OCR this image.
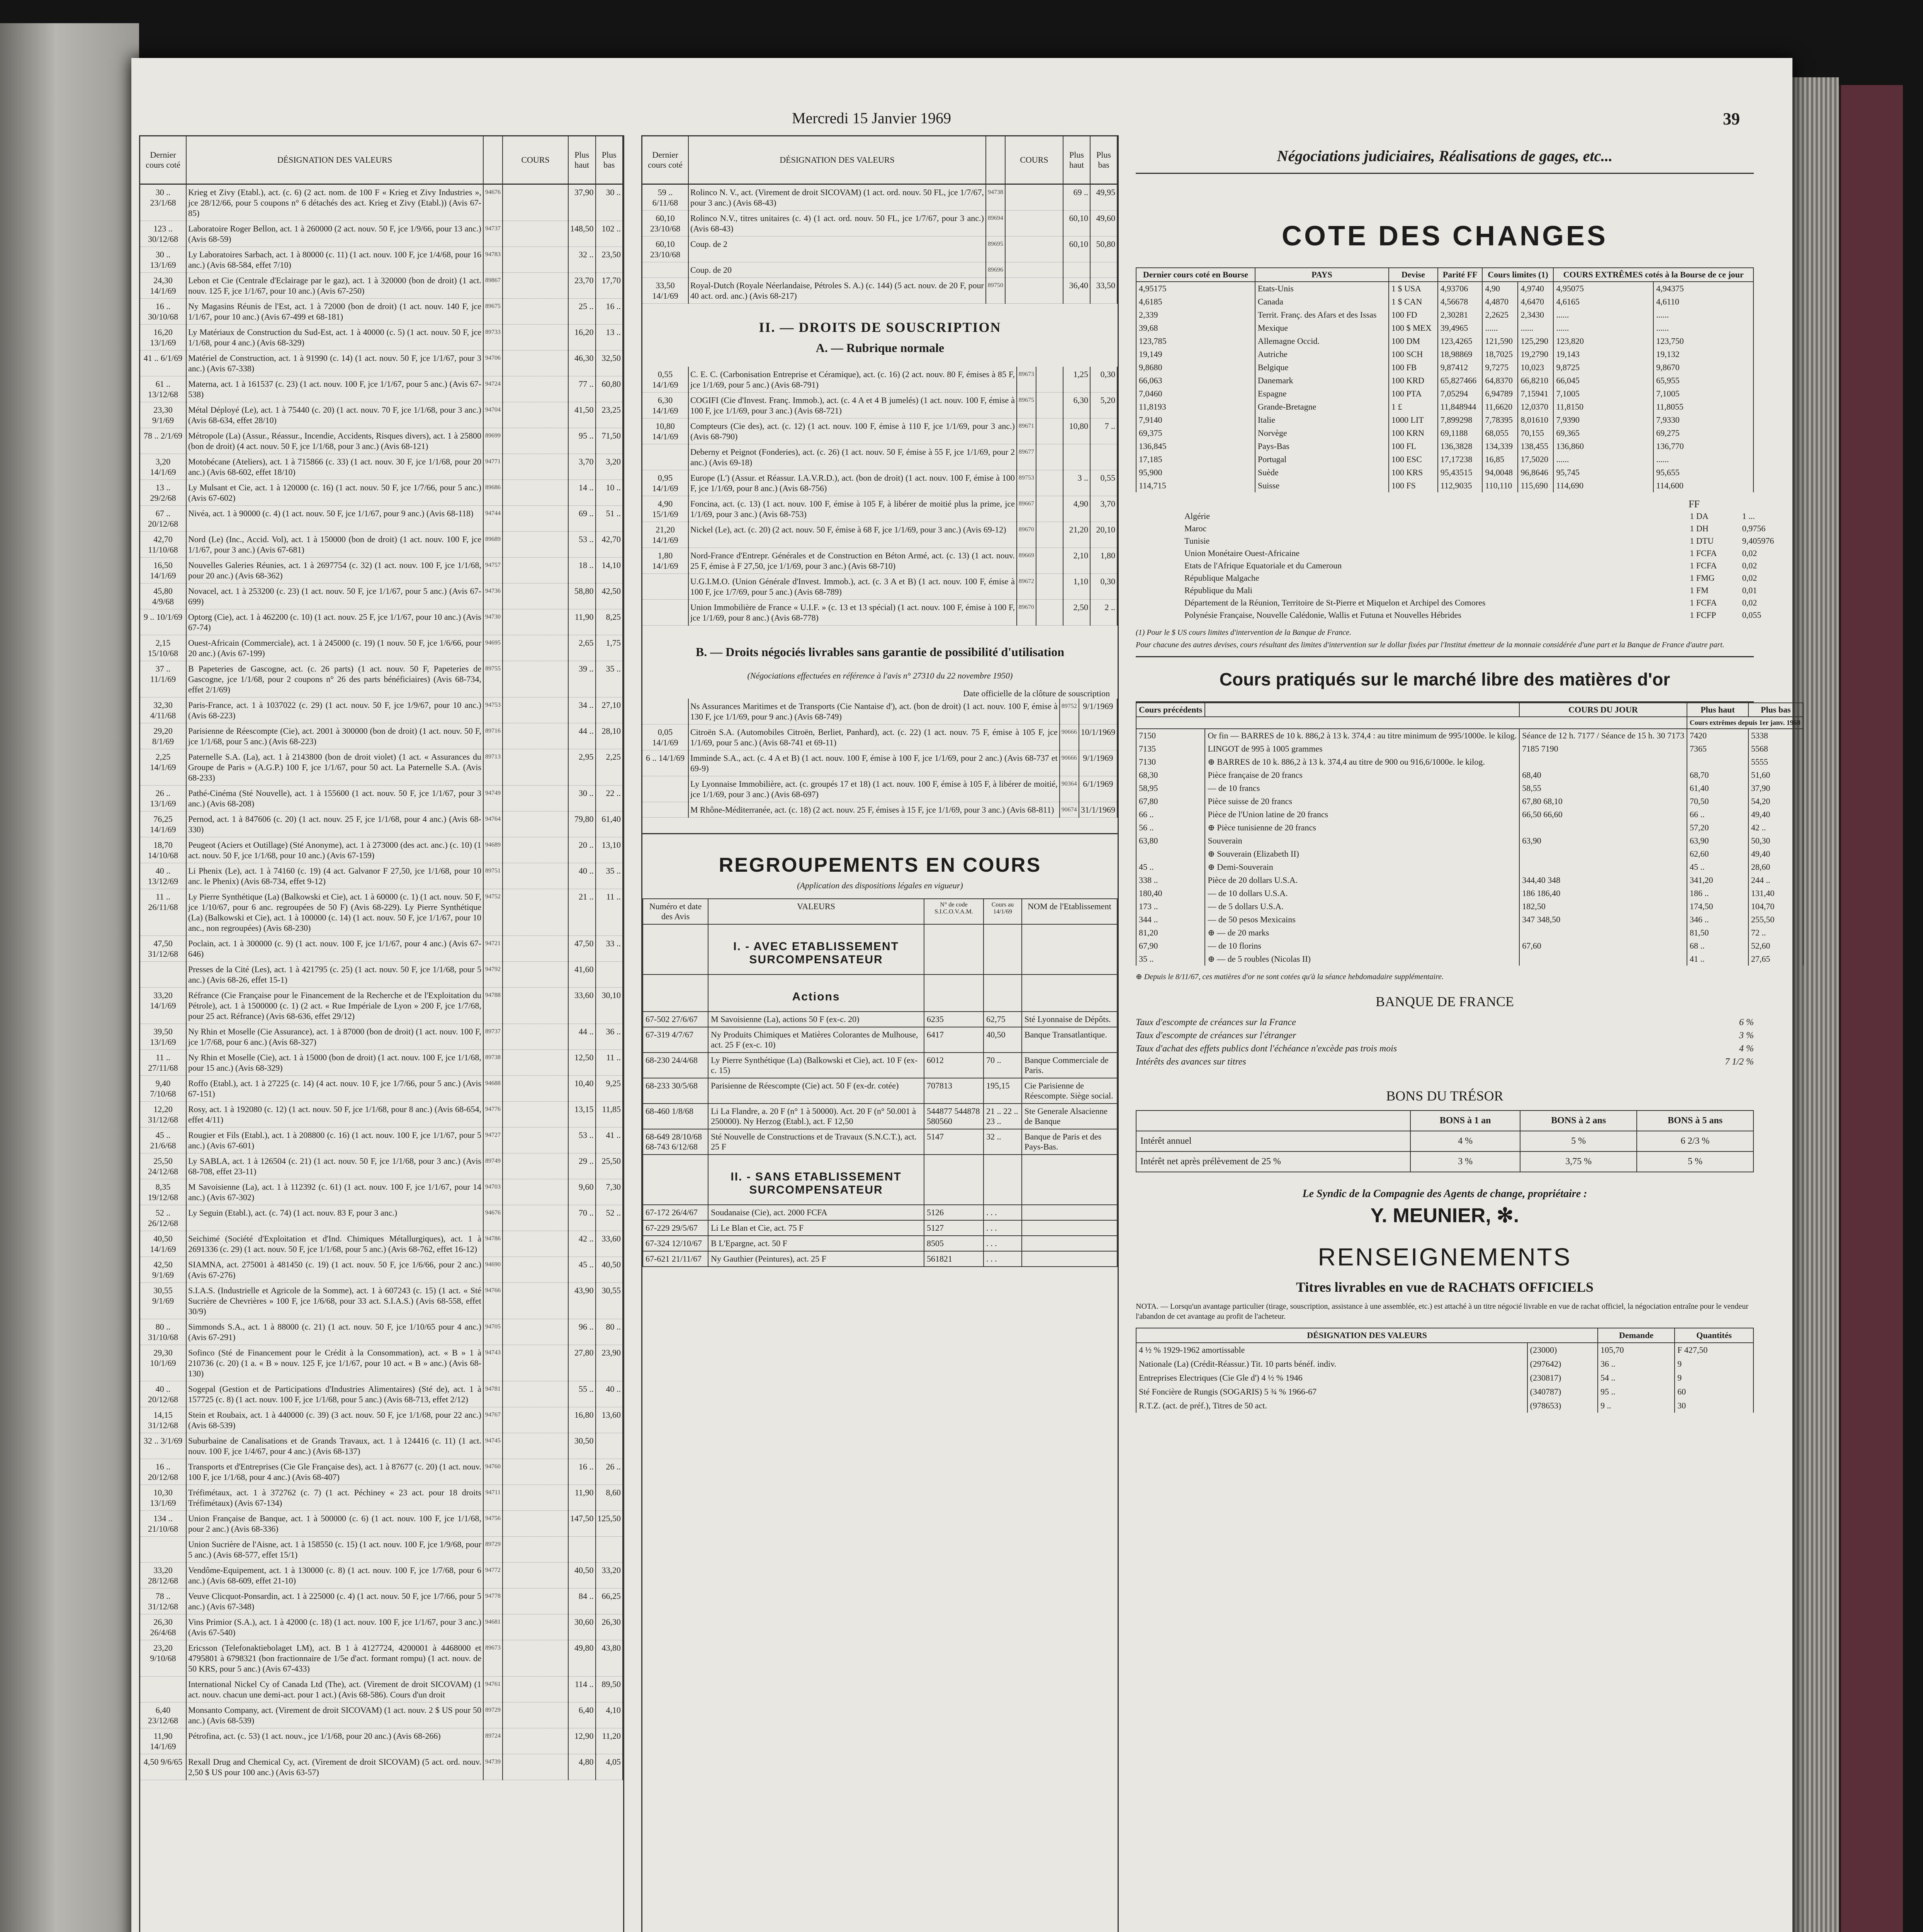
Mercredi 15 Janvier 1969	39
Dernier cours coté	DÉSIGNATION DES VALEURS		COURS	Plus haut	Plus bas
30 .. 23/1/68	Krieg et Zivy (Etabl.), act. (c. 6) (2 act. nom. de 100 F « Krieg et Zivy Industries », jce 28/12/66, pour 5 coupons n° 6 détachés des act. Krieg et Zivy (Etabl.)) (Avis 67-85)	94676		37,90	30 ..
123 .. 30/12/68	Laboratoire Roger Bellon, act. 1 à 260000 (2 act. nouv. 50 F, jce 1/9/66, pour 13 anc.) (Avis 68-59)	94737		148,50	102 ..
30 .. 13/1/69	Ly Laboratoires Sarbach, act. 1 à 80000 (c. 11) (1 act. nouv. 100 F, jce 1/4/68, pour 16 anc.) (Avis 68-584, effet 7/10)	94783		32 ..	23,50
24,30 14/1/69	Lebon et Cie (Centrale d'Eclairage par le gaz), act. 1 à 320000 (bon de droit) (1 act. nouv. 125 F, jce 1/1/67, pour 10 anc.) (Avis 67-250)	89867		23,70	17,70
16 .. 30/10/68	Ny Magasins Réunis de l'Est, act. 1 à 72000 (bon de droit) (1 act. nouv. 140 F, jce 1/1/67, pour 10 anc.) (Avis 67-499 et 68-181)	89675		25 ..	16 ..
16,20 13/1/69	Ly Matériaux de Construction du Sud-Est, act. 1 à 40000 (c. 5) (1 act. nouv. 50 F, jce 1/1/68, pour 4 anc.) (Avis 68-329)	89733		16,20	13 ..
41 .. 6/1/69	Matériel de Construction, act. 1 à 91990 (c. 14) (1 act. nouv. 50 F, jce 1/1/67, pour 3 anc.) (Avis 67-338)	94706		46,30	32,50
61 .. 13/12/68	Materna, act. 1 à 161537 (c. 23) (1 act. nouv. 100 F, jce 1/1/67, pour 5 anc.) (Avis 67-538)	94724		77 ..	60,80
23,30 9/1/69	Métal Déployé (Le), act. 1 à 75440 (c. 20) (1 act. nouv. 70 F, jce 1/1/68, pour 3 anc.) (Avis 68-634, effet 28/10)	94704		41,50	23,25
78 .. 2/1/69	Métropole (La) (Assur., Réassur., Incendie, Accidents, Risques divers), act. 1 à 25800 (bon de droit) (4 act. nouv. 50 F, jce 1/1/68, pour 3 anc.) (Avis 68-121)	89699		95 ..	71,50
3,20 14/1/69	Motobécane (Ateliers), act. 1 à 715866 (c. 33) (1 act. nouv. 30 F, jce 1/1/68, pour 20 anc.) (Avis 68-602, effet 18/10)	94771		3,70	3,20
13 .. 29/2/68	Ly Mulsant et Cie, act. 1 à 120000 (c. 16) (1 act. nouv. 50 F, jce 1/7/66, pour 5 anc.) (Avis 67-602)	89686		14 ..	10 ..
67 .. 20/12/68	Nivéa, act. 1 à 90000 (c. 4) (1 act. nouv. 50 F, jce 1/1/67, pour 9 anc.) (Avis 68-118)	94744		69 ..	51 ..
42,70 11/10/68	Nord (Le) (Inc., Accid. Vol), act. 1 à 150000 (bon de droit) (1 act. nouv. 100 F, jce 1/1/67, pour 3 anc.) (Avis 67-681)	89689		53 ..	42,70
16,50 14/1/69	Nouvelles Galeries Réunies, act. 1 à 2697754 (c. 32) (1 act. nouv. 100 F, jce 1/1/68, pour 20 anc.) (Avis 68-362)	94757		18 ..	14,10
45,80 4/9/68	Novacel, act. 1 à 253200 (c. 23) (1 act. nouv. 50 F, jce 1/1/67, pour 5 anc.) (Avis 67-699)	94736		58,80	42,50
9 .. 10/1/69	Optorg (Cie), act. 1 à 462200 (c. 10) (1 act. nouv. 25 F, jce 1/1/67, pour 10 anc.) (Avis 67-74)	94730		11,90	8,25
2,15 15/10/68	Ouest-Africain (Commerciale), act. 1 à 245000 (c. 19) (1 nouv. 50 F, jce 1/6/66, pour 20 anc.) (Avis 67-199)	94695		2,65	1,75
37 .. 11/1/69	B Papeteries de Gascogne, act. (c. 26 parts) (1 act. nouv. 50 F, Papeteries de Gascogne, jce 1/1/68, pour 2 coupons n° 26 des parts bénéficiaires) (Avis 68-734, effet 2/1/69)	89755		39 ..	35 ..
32,30 4/11/68	Paris-France, act. 1 à 1037022 (c. 29) (1 act. nouv. 50 F, jce 1/9/67, pour 10 anc.) (Avis 68-223)	94753		34 ..	27,10
29,20 8/1/69	Parisienne de Réescompte (Cie), act. 2001 à 300000 (bon de droit) (1 act. nouv. 50 F, jce 1/1/68, pour 5 anc.) (Avis 68-223)	89716		44 ..	28,10
2,25 14/1/69	Paternelle S.A. (La), act. 1 à 2143800 (bon de droit violet) (1 act. « Assurances du Groupe de Paris » (A.G.P.) 100 F, jce 1/1/67, pour 50 act. La Paternelle S.A. (Avis 68-233)	89713		2,95	2,25
26 .. 13/1/69	Pathé-Cinéma (Sté Nouvelle), act. 1 à 155600 (1 act. nouv. 50 F, jce 1/1/67, pour 3 anc.) (Avis 68-208)	94749		30 ..	22 ..
76,25 14/1/69	Pernod, act. 1 à 847606 (c. 20) (1 act. nouv. 25 F, jce 1/1/68, pour 4 anc.) (Avis 68-330)	94764		79,80	61,40
18,70 14/10/68	Peugeot (Aciers et Outillage) (Sté Anonyme), act. 1 à 273000 (des act. anc.) (c. 10) (1 act. nouv. 50 F, jce 1/1/68, pour 10 anc.) (Avis 67-159)	94689		20 ..	13,10
40 .. 13/12/69	Li Phenix (Le), act. 1 à 74160 (c. 19) (4 act. Galvanor F 27,50, jce 1/1/68, pour 10 anc. le Phenix) (Avis 68-734, effet 9-12)	89751		40 ..	35 ..
11 .. 26/11/68	Ly Pierre Synthétique (La) (Balkowski et Cie), act. 1 à 60000 (c. 1) (1 act. nouv. 50 F, jce 1/10/67, pour 6 anc. regroupées de 50 F) (Avis 68-229). Ly Pierre Synthétique (La) (Balkowski et Cie), act. 1 à 100000 (c. 14) (1 act. nouv. 50 F, jce 1/1/67, pour 10 anc., non regroupées) (Avis 68-230)	94752		21 ..	11 ..
47,50 31/12/68	Poclain, act. 1 à 300000 (c. 9) (1 act. nouv. 100 F, jce 1/1/67, pour 4 anc.) (Avis 67-646)	94721		47,50	33 ..
	Presses de la Cité (Les), act. 1 à 421795 (c. 25) (1 act. nouv. 50 F, jce 1/1/68, pour 5 anc.) (Avis 68-26, effet 15-1)	94792		41,60	
33,20 14/1/69	Réfrance (Cie Française pour le Financement de la Recherche et de l'Exploitation du Pétrole), act. 1 à 1500000 (c. 1) (2 act. « Rue Impériale de Lyon » 200 F, jce 1/7/68, pour 25 act. Réfrance) (Avis 68-636, effet 29/12)	94788		33,60	30,10
39,50 13/1/69	Ny Rhin et Moselle (Cie Assurance), act. 1 à 87000 (bon de droit) (1 act. nouv. 100 F, jce 1/7/68, pour 6 anc.) (Avis 68-327)	89737		44 ..	36 ..
11 .. 27/11/68	Ny Rhin et Moselle (Cie), act. 1 à 15000 (bon de droit) (1 act. nouv. 100 F, jce 1/1/68, pour 15 anc.) (Avis 68-329)	89738		12,50	11 ..
9,40 7/10/68	Roffo (Etabl.), act. 1 à 27225 (c. 14) (4 act. nouv. 10 F, jce 1/7/66, pour 5 anc.) (Avis 67-151)	94688		10,40	9,25
12,20 31/12/68	Rosy, act. 1 à 192080 (c. 12) (1 act. nouv. 50 F, jce 1/1/68, pour 8 anc.) (Avis 68-654, effet 4/11)	94776		13,15	11,85
45 .. 21/6/68	Rougier et Fils (Etabl.), act. 1 à 208800 (c. 16) (1 act. nouv. 100 F, jce 1/1/67, pour 5 anc.) (Avis 67-601)	94727		53 ..	41 ..
25,50 24/12/68	Ly SABLA, act. 1 à 126504 (c. 21) (1 act. nouv. 50 F, jce 1/1/68, pour 3 anc.) (Avis 68-708, effet 23-11)	89749		29 ..	25,50
8,35 19/12/68	M Savoisienne (La), act. 1 à 112392 (c. 61) (1 act. nouv. 100 F, jce 1/1/67, pour 14 anc.) (Avis 67-302)	94703		9,60	7,30
52 .. 26/12/68	Ly Seguin (Etabl.), act. (c. 74) (1 act. nouv. 83 F, pour 3 anc.)	94676		70 ..	52 ..
40,50 14/1/69	Seichimé (Société d'Exploitation et d'Ind. Chimiques Métallurgiques), act. 1 à 2691336 (c. 29) (1 act. nouv. 50 F, jce 1/1/68, pour 5 anc.) (Avis 68-762, effet 16-12)	94786		42 ..	33,60
42,50 9/1/69	SIAMNA, act. 275001 à 481450 (c. 19) (1 act. nouv. 50 F, jce 1/6/66, pour 2 anc.) (Avis 67-276)	94690		45 ..	40,50
30,55 9/1/69	S.I.A.S. (Industrielle et Agricole de la Somme), act. 1 à 607243 (c. 15) (1 act. « Sté Sucrière de Chevrières » 100 F, jce 1/6/68, pour 33 act. S.I.A.S.) (Avis 68-558, effet 30/9)	94766		43,90	30,55
80 .. 31/10/68	Simmonds S.A., act. 1 à 88000 (c. 21) (1 act. nouv. 50 F, jce 1/10/65 pour 4 anc.) (Avis 67-291)	94705		96 ..	80 ..
29,30 10/1/69	Sofinco (Sté de Financement pour le Crédit à la Consommation), act. « B » 1 à 210736 (c. 20) (1 a. « B » nouv. 125 F, jce 1/1/67, pour 10 act. « B » anc.) (Avis 68-130)	94743		27,80	23,90
40 .. 20/12/68	Sogepal (Gestion et de Participations d'Industries Alimentaires) (Sté de), act. 1 à 157725 (c. 8) (1 act. nouv. 100 F, jce 1/1/68, pour 5 anc.) (Avis 68-713, effet 2/12)	94781		55 ..	40 ..
14,15 31/12/68	Stein et Roubaix, act. 1 à 440000 (c. 39) (3 act. nouv. 50 F, jce 1/1/68, pour 22 anc.) (Avis 68-539)	94767		16,80	13,60
32 .. 3/1/69	Suburbaine de Canalisations et de Grands Travaux, act. 1 à 124416 (c. 11) (1 act. nouv. 100 F, jce 1/4/67, pour 4 anc.) (Avis 68-137)	94745		30,50	
16 .. 20/12/68	Transports et d'Entreprises (Cie Gle Française des), act. 1 à 87677 (c. 20) (1 act. nouv. 100 F, jce 1/1/68, pour 4 anc.) (Avis 68-407)	94760		16 ..	26 ..
10,30 13/1/69	Tréfimétaux, act. 1 à 372762 (c. 7) (1 act. Péchiney « 23 act. pour 18 droits Tréfimétaux) (Avis 67-134)	94711		11,90	8,60
134 .. 21/10/68	Union Française de Banque, act. 1 à 500000 (c. 6) (1 act. nouv. 100 F, jce 1/1/68, pour 2 anc.) (Avis 68-336)	94756		147,50	125,50
	Union Sucrière de l'Aisne, act. 1 à 158550 (c. 15) (1 act. nouv. 100 F, jce 1/9/68, pour 5 anc.) (Avis 68-577, effet 15/1)	89729			
33,20 28/12/68	Vendôme-Equipement, act. 1 à 130000 (c. 8) (1 act. nouv. 100 F, jce 1/7/68, pour 6 anc.) (Avis 68-609, effet 21-10)	94772		40,50	33,20
78 .. 31/12/68	Veuve Clicquot-Ponsardin, act. 1 à 225000 (c. 4) (1 act. nouv. 50 F, jce 1/7/66, pour 5 anc.) (Avis 67-348)	94778		84 ..	66,25
26,30 26/4/68	Vins Primior (S.A.), act. 1 à 42000 (c. 18) (1 act. nouv. 100 F, jce 1/1/67, pour 3 anc.) (Avis 67-540)	94681		30,60	26,30
23,20 9/10/68	Ericsson (Telefonaktiebolaget LM), act. B 1 à 4127724, 4200001 à 4468000 et 4795801 à 6798321 (bon fractionnaire de 1/5e d'act. formant rompu) (1 act. nouv. de 50 KRS, pour 5 anc.) (Avis 67-433)	89673		49,80	43,80
	International Nickel Cy of Canada Ltd (The), act. (Virement de droit SICOVAM) (1 act. nouv. chacun une demi-act. pour 1 act.) (Avis 68-586). Cours d'un droit	94761		114 ..	89,50
6,40 23/12/68	Monsanto Company, act. (Virement de droit SICOVAM) (1 act. nouv. 2 $ US pour 50 anc.) (Avis 68-539)	89729		6,40	4,10
11,90 14/1/69	Pétrofina, act. (c. 53) (1 act. nouv., jce 1/1/68, pour 20 anc.) (Avis 68-266)	89724		12,90	11,20
4,50 9/6/65	Rexall Drug and Chemical Cy, act. (Virement de droit SICOVAM) (5 act. ord. nouv. 2,50 $ US pour 100 anc.) (Avis 63-57)	94739		4,80	4,05
Dernier cours coté	DÉSIGNATION DES VALEURS		COURS	Plus haut	Plus bas
59 .. 6/11/68	Rolinco N. V., act. (Virement de droit SICOVAM) (1 act. ord. nouv. 50 FL, jce 1/7/67, pour 3 anc.) (Avis 68-43)	94738		69 ..	49,95
60,10 23/10/68	Rolinco N.V., titres unitaires (c. 4) (1 act. ord. nouv. 50 FL, jce 1/7/67, pour 3 anc.) (Avis 68-43)	89694		60,10	49,60
60,10 23/10/68	Coup. de 2	89695		60,10	50,80
	Coup. de 20	89696			
33,50 14/1/69	Royal-Dutch (Royale Néerlandaise, Pétroles S. A.) (c. 144) (5 act. nouv. de 20 F, pour 40 act. ord. anc.) (Avis 68-217)	89750		36,40	33,50
II. — DROITS DE SOUSCRIPTION
A. — Rubrique normale
0,55 14/1/69	C. E. C. (Carbonisation Entreprise et Céramique), act. (c. 16) (2 act. nouv. 80 F, émises à 85 F, jce 1/1/69, pour 5 anc.) (Avis 68-791)	89673		1,25	0,30
6,30 14/1/69	COGIFI (Cie d'Invest. Franç. Immob.), act. (c. 4 A et 4 B jumelés) (1 act. nouv. 100 F, émise à 100 F, jce 1/1/69, pour 3 anc.) (Avis 68-721)	89675		6,30	5,20
10,80 14/1/69	Compteurs (Cie des), act. (c. 12) (1 act. nouv. 100 F, émise à 110 F, jce 1/1/69, pour 3 anc.) (Avis 68-790)	89671		10,80	7 ..
	Deberny et Peignot (Fonderies), act. (c. 26) (1 act. nouv. 50 F, émise à 55 F, jce 1/1/69, pour 2 anc.) (Avis 69-18)	89677			
0,95 14/1/69	Europe (L') (Assur. et Réassur. I.A.V.R.D.), act. (bon de droit) (1 act. nouv. 100 F, émise à 100 F, jce 1/1/69, pour 8 anc.) (Avis 68-756)	89753		3 ..	0,55
4,90 15/1/69	Foncina, act. (c. 13) (1 act. nouv. 100 F, émise à 105 F, à libérer de moitié plus la prime, jce 1/1/69, pour 3 anc.) (Avis 68-753)	89667		4,90	3,70
21,20 14/1/69	Nickel (Le), act. (c. 20) (2 act. nouv. 50 F, émise à 68 F, jce 1/1/69, pour 3 anc.) (Avis 69-12)	89670		21,20	20,10
1,80 14/1/69	Nord-France d'Entrepr. Générales et de Construction en Béton Armé, act. (c. 13) (1 act. nouv. 25 F, émise à F 27,50, jce 1/1/69, pour 3 anc.) (Avis 68-710)	89669		2,10	1,80
	U.G.I.M.O. (Union Générale d'Invest. Immob.), act. (c. 3 A et B) (1 act. nouv. 100 F, émise à 100 F, jce 1/7/69, pour 5 anc.) (Avis 68-789)	89672		1,10	0,30
	Union Immobilière de France « U.I.F. » (c. 13 et 13 spécial) (1 act. nouv. 100 F, émise à 100 F, jce 1/1/69, pour 8 anc.) (Avis 68-778)	89670		2,50	2 ..
B. — Droits négociés livrables sans garantie de possibilité d'utilisation
(Négociations effectuées en référence à l'avis n° 27310 du 22 novembre 1950)
Date officielle de la clôture de souscription
	Ns Assurances Maritimes et de Transports (Cie Nantaise d'), act. (bon de droit) (1 act. nouv. 100 F, émise à 130 F, jce 1/1/69, pour 9 anc.) (Avis 68-749)	89752	9/1/1969
0,05 14/1/69	Citroën S.A. (Automobiles Citroën, Berliet, Panhard), act. (c. 22) (1 act. nouv. 75 F, émise à 105 F, jce 1/1/69, pour 5 anc.) (Avis 68-741 et 69-11)	90666	10/1/1969
6 .. 14/1/69	Imminde S.A., act. (c. 4 A et B) (1 act. nouv. 100 F, émise à 100 F, jce 1/1/69, pour 2 anc.) (Avis 68-737 et 69-9)	90666	9/1/1969
	Ly Lyonnaise Immobilière, act. (c. groupés 17 et 18) (1 act. nouv. 100 F, émise à 105 F, à libérer de moitié, jce 1/1/69, pour 3 anc.) (Avis 68-697)	90364	6/1/1969
	M Rhône-Méditerranée, act. (c. 18) (2 act. nouv. 25 F, émises à 15 F, jce 1/1/69, pour 3 anc.) (Avis 68-811)	90674	31/1/1969
REGROUPEMENTS EN COURS
(Application des dispositions légales en vigueur)
Numéro et date des Avis	VALEURS	N° de code S.I.C.O.V.A.M.	Cours au 14/1/69	NOM de l'Etablissement
	I. - AVEC ETABLISSEMENT SURCOMPENSATEUR			
	Actions			
67-502 27/6/67	M Savoisienne (La), actions 50 F (ex-c. 20)	6235	62,75	Sté Lyonnaise de Dépôts.
67-319 4/7/67	Ny Produits Chimiques et Matières Colorantes de Mulhouse, act. 25 F (ex-c. 10)	6417	40,50	Banque Transatlantique.
68-230 24/4/68	Ly Pierre Synthétique (La) (Balkowski et Cie), act. 10 F (ex-c. 15)	6012	70 ..	Banque Commerciale de Paris.
68-233 30/5/68	Parisienne de Réescompte (Cie) act. 50 F (ex-dr. cotée)	707813	195,15	Cie Parisienne de Réescompte. Siège social.
68-460 1/8/68	Li La Flandre, a. 20 F (n° 1 à 50000). Act. 20 F (n° 50.001 à 250000). Ny Herzog (Etabl.), act. F 12,50	544877 544878 580560	21 .. 22 .. 23 ..	Ste Generale Alsacienne de Banque
68-649 28/10/68 68-743 6/12/68	Sté Nouvelle de Constructions et de Travaux (S.N.C.T.), act. 25 F	5147	32 ..	Banque de Paris et des Pays-Bas.
	II. - SANS ETABLISSEMENT SURCOMPENSATEUR			
67-172 26/4/67	Soudanaise (Cie), act. 2000 FCFA	5126	. . .	
67-229 29/5/67	Li Le Blan et Cie, act. 75 F	5127	. . .	
67-324 12/10/67	B L'Epargne, act. 50 F	8505	. . .	
67-621 21/11/67	Ny Gauthier (Peintures), act. 25 F	561821	. . .	
Négociations judiciaires, Réalisations de gages, etc...
COTE DES CHANGES
Dernier cours coté en Bourse	PAYS	Devise	Parité FF	Cours limites (1)		COURS EXTRÊMES cotés à la Bourse de ce jour	
4,95175	Etats-Unis	1 $ USA	4,93706	4,90	4,9740	4,95075	4,94375
4,6185	Canada	1 $ CAN	4,56678	4,4870	4,6470	4,6165	4,6110
2,339	Territ. Franç. des Afars et des Issas	100 FD	2,30281	2,2625	2,3430	......	......
39,68	Mexique	100 $ MEX	39,4965	......	......	......	......
123,785	Allemagne Occid.	100 DM	123,4265	121,590	125,290	123,820	123,750
19,149	Autriche	100 SCH	18,98869	18,7025	19,2790	19,143	19,132
9,8680	Belgique	100 FB	9,87412	9,7275	10,023	9,8725	9,8670
66,063	Danemark	100 KRD	65,827466	64,8370	66,8210	66,045	65,955
7,0460	Espagne	100 PTA	7,05294	6,94789	7,15941	7,1005	7,1005
11,8193	Grande-Bretagne	1 £	11,848944	11,6620	12,0370	11,8150	11,8055
7,9140	Italie	1000 LIT	7,899298	7,78395	8,01610	7,9390	7,9330
69,375	Norvège	100 KRN	69,1188	68,055	70,155	69,365	69,275
136,845	Pays-Bas	100 FL	136,3828	134,339	138,455	136,860	136,770
17,185	Portugal	100 ESC	17,17238	16,85	17,5020	......	......
95,900	Suède	100 KRS	95,43515	94,0048	96,8646	95,745	95,655
114,715	Suisse	100 FS	112,9035	110,110	115,690	114,690	114,600
FF
Algérie	1 DA	1 ...
Maroc	1 DH	0,9756
Tunisie	1 DTU	9,405976
Union Monétaire Ouest-Africaine	1 FCFA	0,02
Etats de l'Afrique Equatoriale et du Cameroun	1 FCFA	0,02
République Malgache	1 FMG	0,02
République du Mali	1 FM	0,01
Département de la Réunion, Territoire de St-Pierre et Miquelon et Archipel des Comores	1 FCFA	0,02
Polynésie Française, Nouvelle Calédonie, Wallis et Futuna et Nouvelles Hébrides	1 FCFP	0,055
(1) Pour le $ US cours limites d'intervention de la Banque de France.
Pour chacune des autres devises, cours résultant des limites d'intervention sur le dollar fixées par l'Institut émetteur de la monnaie considérée d'une part et la Banque de France d'autre part.
Cours pratiqués sur le marché libre des matières d'or
Cours précédents		COURS DU JOUR	Plus haut	Plus bas
			Cours extrêmes depuis 1er janv. 1968	
7150	Or fin — BARRES de 10 k. 886,2 à 13 k. 374,4 : au titre minimum de 995/1000e. le kilog.	Séance de 12 h. 7177 / Séance de 15 h. 30 7173	7420	5338
7135	LINGOT de 995 à 1005 grammes	7185 7190	7365	5568
7130	⊕ BARRES de 10 k. 886,2 à 13 k. 374,4 au titre de 900 ou 916,6/1000e. le kilog.			5555
68,30	Pièce française de 20 francs	68,40	68,70	51,60
58,95	— de 10 francs	58,55	61,40	37,90
67,80	Pièce suisse de 20 francs	67,80 68,10	70,50	54,20
66 ..	Pièce de l'Union latine de 20 francs	66,50 66,60	66 ..	49,40
56 ..	⊕ Pièce tunisienne de 20 francs		57,20	42 ..
63,80	Souverain	63,90	63,90	50,30
	⊕ Souverain (Elizabeth II)		62,60	49,40
45 ..	⊕ Demi-Souverain		45 ..	28,60
338 ..	Pièce de 20 dollars U.S.A.	344,40 348	341,20	244 ..
180,40	— de 10 dollars U.S.A.	186 186,40	186 ..	131,40
173 ..	— de 5 dollars U.S.A.	182,50	174,50	104,70
344 ..	— de 50 pesos Mexicains	347 348,50	346 ..	255,50
81,20	⊕ — de 20 marks		81,50	72 ..
67,90	— de 10 florins	67,60	68 ..	52,60
35 ..	⊕ — de 5 roubles (Nicolas II)		41 ..	27,65
⊕ Depuis le 8/11/67, ces matières d'or ne sont cotées qu'à la séance hebdomadaire supplémentaire.
BANQUE DE FRANCE
Taux d'escompte de créances sur la France	6 %
Taux d'escompte de créances sur l'étranger	3 %
Taux d'achat des effets publics dont l'échéance n'excède pas trois mois	4 %
Intérêts des avances sur titres	7 1/2 %
BONS DU TRÉSOR
	BONS à 1 an	BONS à 2 ans	BONS à 5 ans
Intérêt annuel	4 %	5 %	6 2/3 %
Intérêt net après prélèvement de 25 %	3 %	3,75 %	5 %
Le Syndic de la Compagnie des Agents de change, propriétaire :
Y. MEUNIER, ✻.
RENSEIGNEMENTS
Titres livrables en vue de RACHATS OFFICIELS
NOTA. — Lorsqu'un avantage particulier (tirage, souscription, assistance à une assemblée, etc.) est attaché à un titre négocié livrable en vue de rachat officiel, la négociation entraîne pour le vendeur l'abandon de cet avantage au profit de l'acheteur.
DÉSIGNATION DES VALEURS		Demande	Quantités
4 ½ % 1929-1962 amortissable	(23000)	105,70	F 427,50
Nationale (La) (Crédit-Réassur.) Tit. 10 parts bénéf. indiv.	(297642)	36 ..	9
Entreprises Electriques (Cie Gle d') 4 ½ % 1946	(230817)	54 ..	9
Sté Foncière de Rungis (SOGARIS) 5 ¾ % 1966-67	(340787)	95 ..	60
R.T.Z. (act. de préf.), Titres de 50 act.	(978653)	9 ..	30
